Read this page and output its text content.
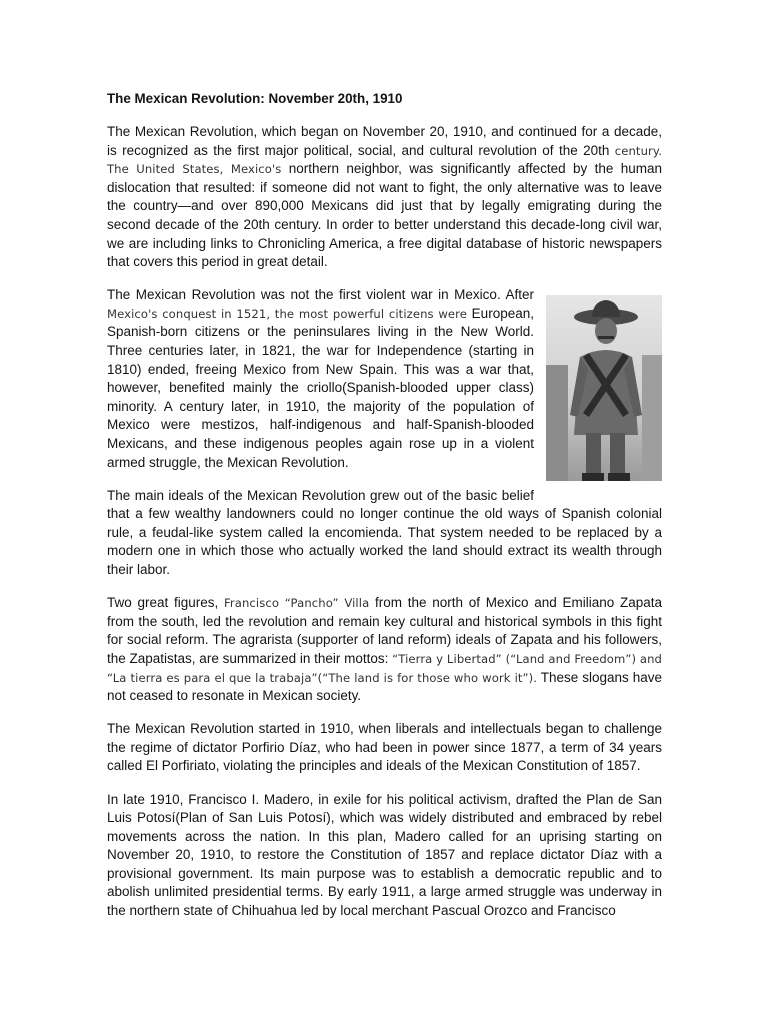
The Mexican Revolution: November 20th, 1910

The Mexican Revolution, which began on November 20, 1910, and continued for a decade, is recognized as the first major political, social, and cultural revolution of the 20th century. The United States, Mexico's northern neighbor, was significantly affected by the human dislocation that resulted: if someone did not want to fight, the only alternative was to leave the country—and over 890,000 Mexicans did just that by legally emigrating during the second decade of the 20th century. In order to better understand this decade-long civil war, we are including links to Chronicling America, a free digital database of historic newspapers that covers this period in great detail.

The Mexican Revolution was not the first violent war in Mexico. After Mexico's conquest in 1521, the most powerful citizens were European, Spanish-born citizens or the peninsulares living in the New World. Three centuries later, in 1821, the war for Independence (starting in 1810) ended, freeing Mexico from New Spain. This was a war that, however, benefited mainly the criollo(Spanish-blooded upper class) minority. A century later, in 1910, the majority of the population of Mexico were mestizos, half-indigenous and half-Spanish-blooded Mexicans, and these indigenous peoples again rose up in a violent armed struggle, the Mexican Revolution.

The main ideals of the Mexican Revolution grew out of the basic belief that a few wealthy landowners could no longer continue the old ways of Spanish colonial rule, a feudal-like system called la encomienda. That system needed to be replaced by a modern one in which those who actually worked the land should extract its wealth through their labor.

Two great figures, Francisco “Pancho” Villa from the north of Mexico and Emiliano Zapata from the south, led the revolution and remain key cultural and historical symbols in this fight for social reform. The agrarista (supporter of land reform) ideals of Zapata and his followers, the Zapatistas, are summarized in their mottos: “Tierra y Libertad” (“Land and Freedom”) and “La tierra es para el que la trabaja”(“The land is for those who work it”). These slogans have not ceased to resonate in Mexican society.

The Mexican Revolution started in 1910, when liberals and intellectuals began to challenge the regime of dictator Porfirio Díaz, who had been in power since 1877, a term of 34 years called El Porfiriato, violating the principles and ideals of the Mexican Constitution of 1857.

In late 1910, Francisco I. Madero, in exile for his political activism, drafted the Plan de San Luis Potosí(Plan of San Luis Potosí), which was widely distributed and embraced by rebel movements across the nation. In this plan, Madero called for an uprising starting on November 20, 1910, to restore the Constitution of 1857 and replace dictator Díaz with a provisional government. Its main purpose was to establish a democratic republic and to abolish unlimited presidential terms. By early 1911, a large armed struggle was underway in the northern state of Chihuahua led by local merchant Pascual Orozco and Francisco
